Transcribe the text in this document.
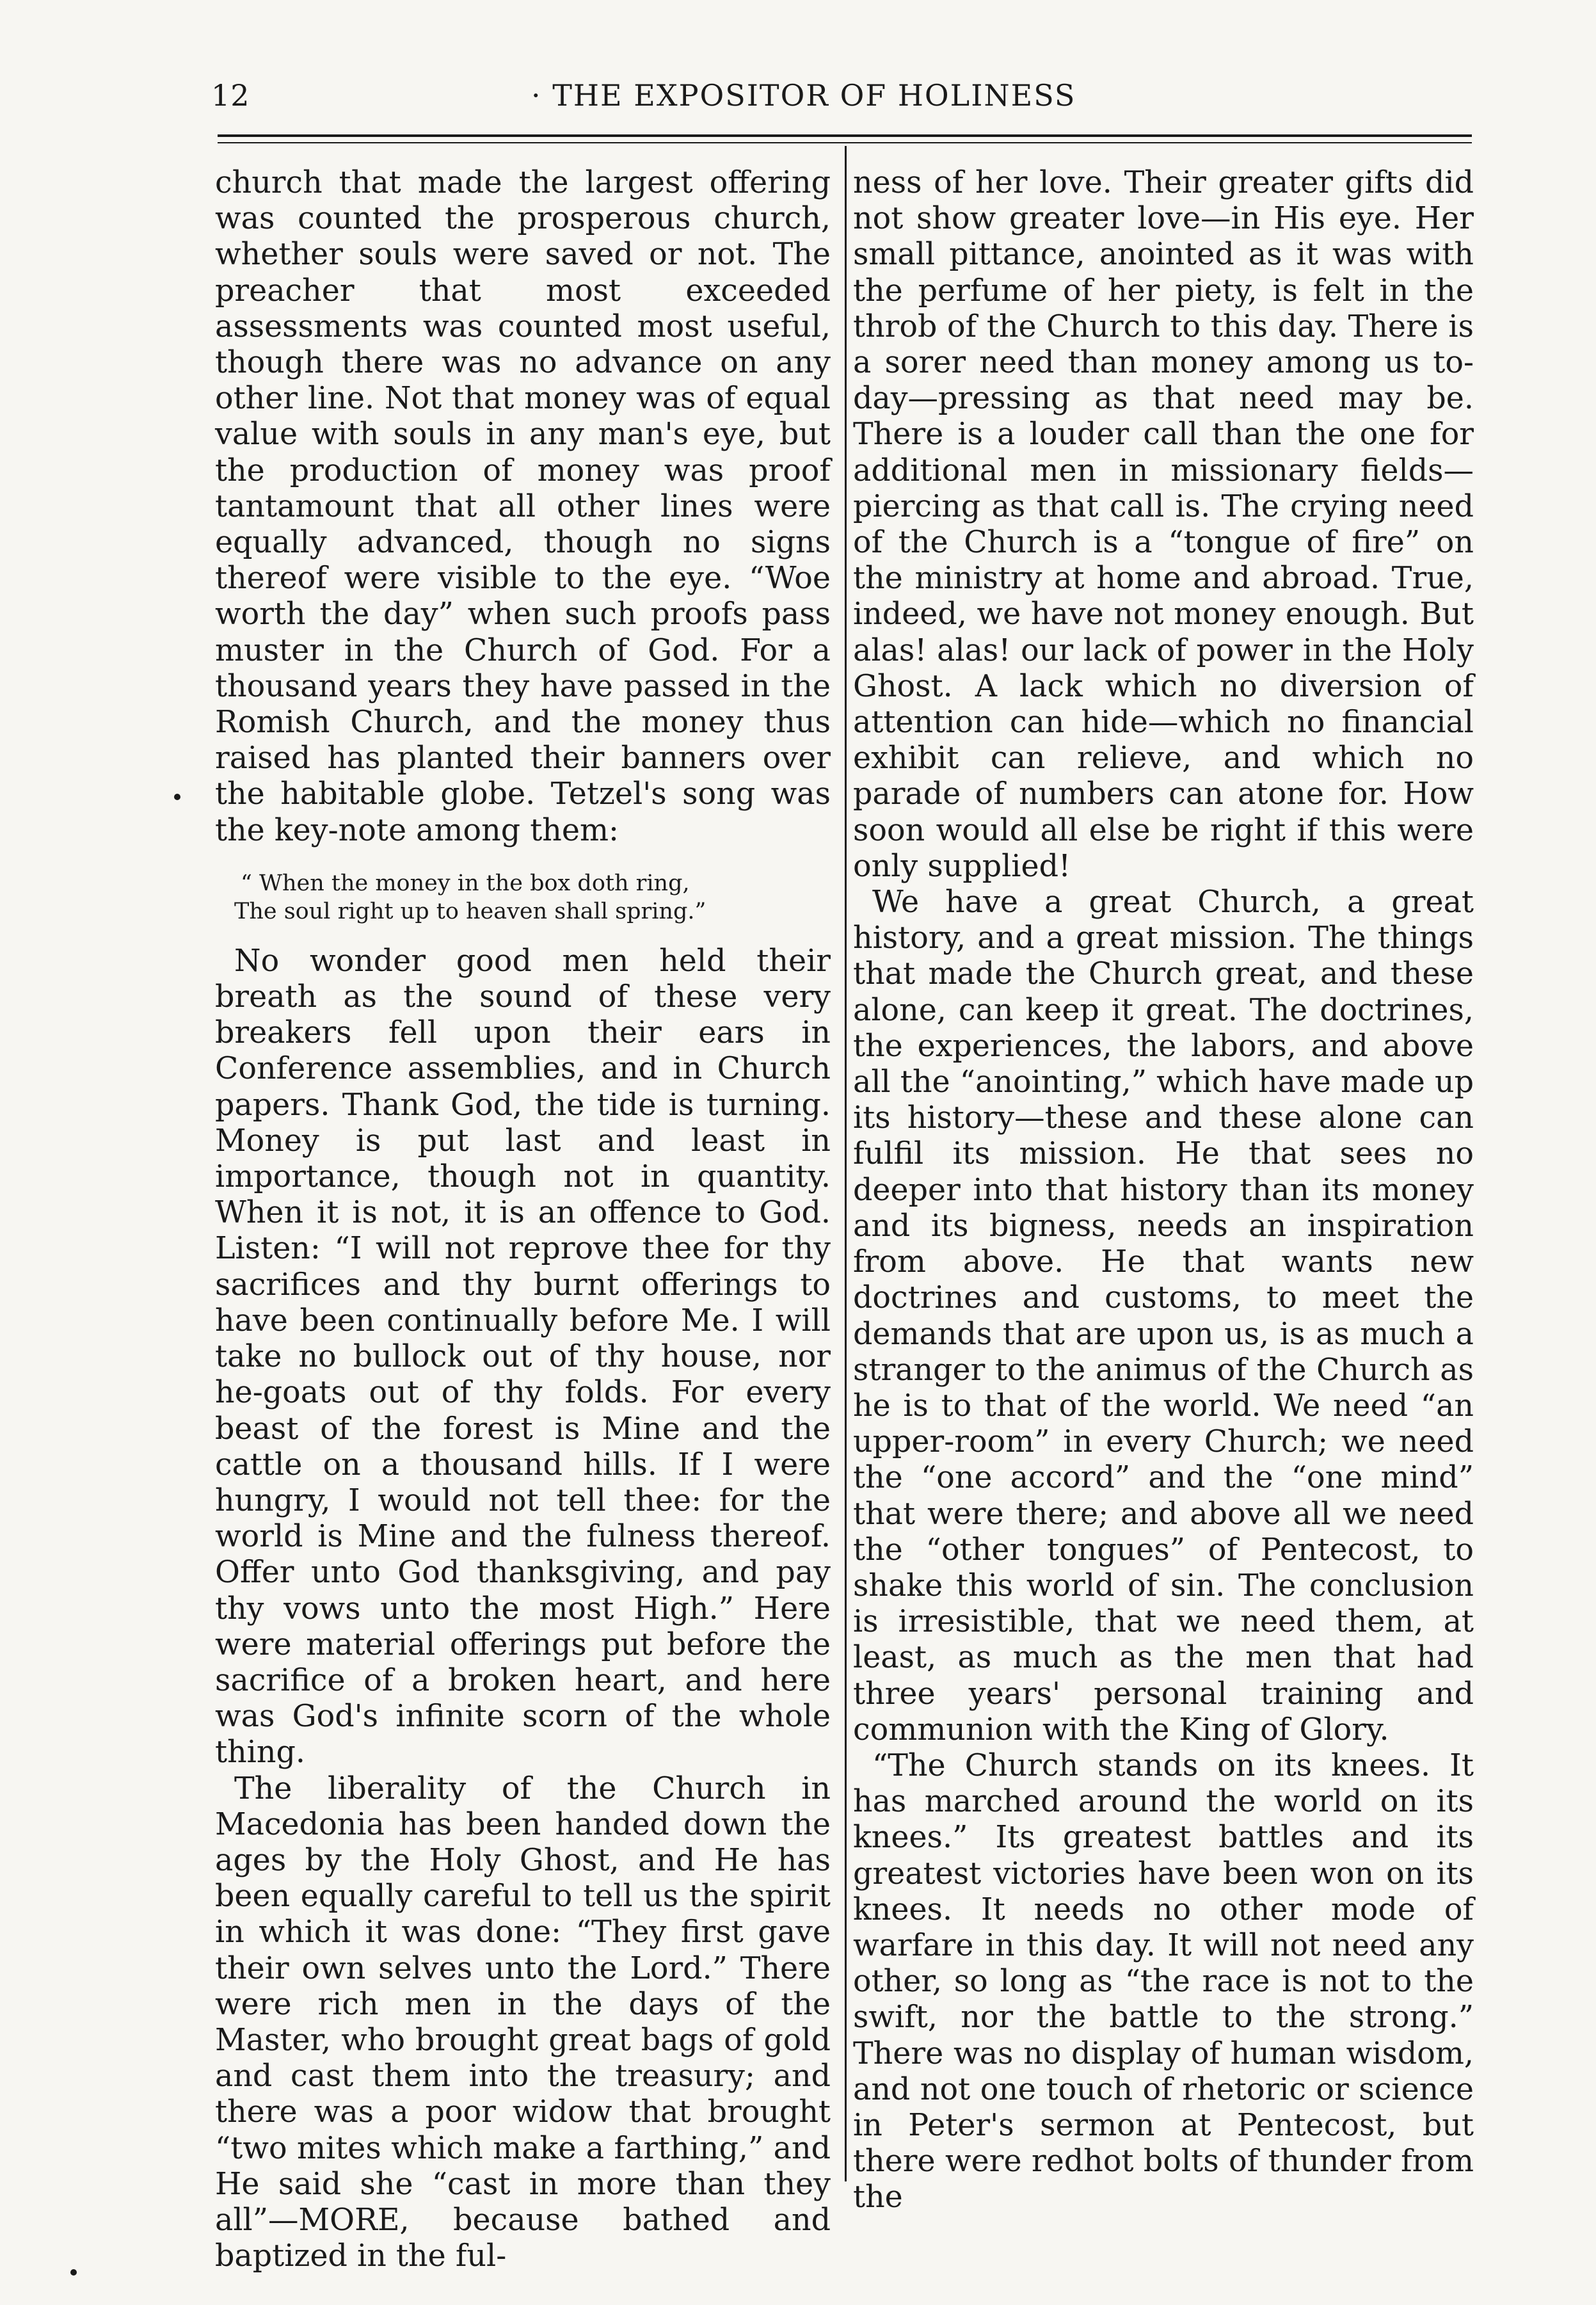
12	· THE EXPOSITOR OF HOLINESS

church that made the largest offering was counted the prosperous church, whether souls were saved or not. The preacher that most exceeded assessments was counted most useful, though there was no advance on any other line. Not that money was of equal value with souls in any man's eye, but the production of money was proof tantamount that all other lines were equally advanced, though no signs thereof were visible to the eye. “Woe worth the day” when such proofs pass muster in the Church of God. For a thousand years they have passed in the Romish Church, and the money thus raised has planted their banners over the habitable globe. Tetzel's song was the key-note among them:

“ When the money in the box doth ring,
The soul right up to heaven shall spring.”

No wonder good men held their breath as the sound of these very breakers fell upon their ears in Conference assemblies, and in Church papers. Thank God, the tide is turning. Money is put last and least in importance, though not in quantity. When it is not, it is an offence to God. Listen: “I will not reprove thee for thy sacrifices and thy burnt offerings to have been continually before Me. I will take no bullock out of thy house, nor he-goats out of thy folds. For every beast of the forest is Mine and the cattle on a thousand hills. If I were hungry, I would not tell thee: for the world is Mine and the fulness thereof. Offer unto God thanksgiving, and pay thy vows unto the most High.” Here were material offerings put before the sacrifice of a broken heart, and here was God's infinite scorn of the whole thing.

The liberality of the Church in Macedonia has been handed down the ages by the Holy Ghost, and He has been equally careful to tell us the spirit in which it was done: “They first gave their own selves unto the Lord.” There were rich men in the days of the Master, who brought great bags of gold and cast them into the treasury; and there was a poor widow that brought “two mites which make a farthing,” and He said she “cast in more than they all”—MORE, because bathed and baptized in the ful-

ness of her love. Their greater gifts did not show greater love—in His eye. Her small pittance, anointed as it was with the perfume of her piety, is felt in the throb of the Church to this day. There is a sorer need than money among us to-day—pressing as that need may be. There is a louder call than the one for additional men in missionary fields—piercing as that call is. The crying need of the Church is a “tongue of fire” on the ministry at home and abroad. True, indeed, we have not money enough. But alas! alas! our lack of power in the Holy Ghost. A lack which no diversion of attention can hide—which no financial exhibit can relieve, and which no parade of numbers can atone for. How soon would all else be right if this were only supplied!

We have a great Church, a great history, and a great mission. The things that made the Church great, and these alone, can keep it great. The doctrines, the experiences, the labors, and above all the “anointing,” which have made up its history—these and these alone can fulfil its mission. He that sees no deeper into that history than its money and its bigness, needs an inspiration from above. He that wants new doctrines and customs, to meet the demands that are upon us, is as much a stranger to the animus of the Church as he is to that of the world. We need “an upper-room” in every Church; we need the “one accord” and the “one mind” that were there; and above all we need the “other tongues” of Pentecost, to shake this world of sin. The conclusion is irresistible, that we need them, at least, as much as the men that had three years' personal training and communion with the King of Glory.

“The Church stands on its knees. It has marched around the world on its knees.” Its greatest battles and its greatest victories have been won on its knees. It needs no other mode of warfare in this day. It will not need any other, so long as “the race is not to the swift, nor the battle to the strong.” There was no display of human wisdom, and not one touch of rhetoric or science in Peter's sermon at Pentecost, but there were redhot bolts of thunder from the
